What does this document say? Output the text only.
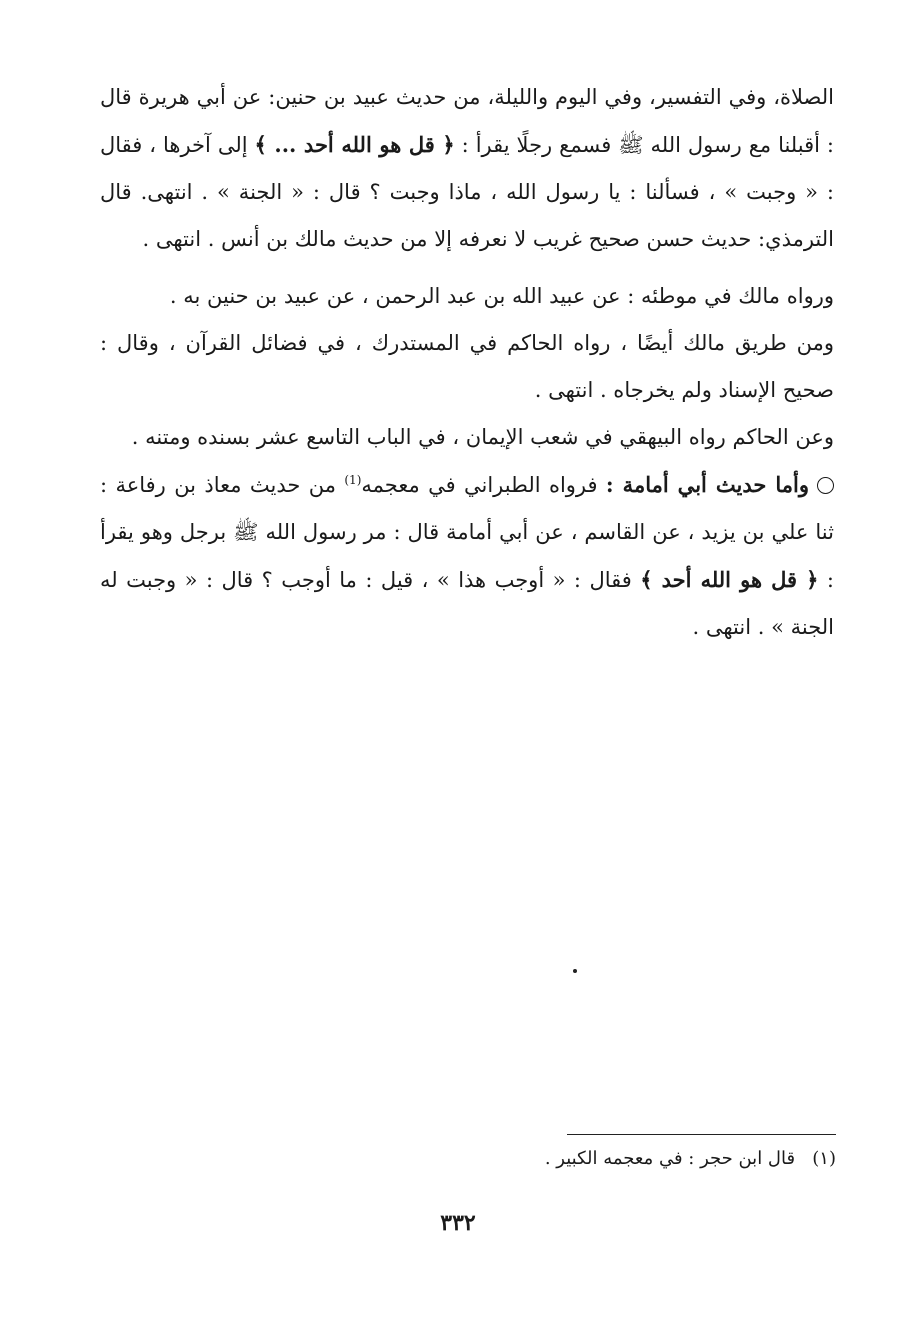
الصلاة، وفي التفسير، وفي اليوم والليلة، من حديث عبيد بن حنين: عن أبي هريرة قال : أقبلنا مع رسول الله ﷺ فسمع رجلًا يقرأ : ﴿ قل هو الله أحد ... ﴾ إلى آخرها ، فقال : « وجبت » ، فسألنا : يا رسول الله ، ماذا وجبت ؟ قال : « الجنة » . انتهى. قال الترمذي: حديث حسن صحيح غريب لا نعرفه إلا من حديث مالك بن أنس . انتهى .

ورواه مالك في موطئه : عن عبيد الله بن عبد الرحمن ، عن عبيد بن حنين به .

ومن طريق مالك أيضًا ، رواه الحاكم في المستدرك ، في فضائل القرآن ، وقال : صحيح الإسناد ولم يخرجاه . انتهى .

وعن الحاكم رواه البيهقي في شعب الإيمان ، في الباب التاسع عشر بسنده ومتنه .

وأما حديث أبي أمامة : فرواه الطبراني في معجمه$^{(1)}$ من حديث معاذ بن رفاعة : ثنا علي بن يزيد ، عن القاسم ، عن أبي أمامة قال : مر رسول الله ﷺ برجل وهو يقرأ : ﴿ قل هو الله أحد ﴾ فقال : « أوجب هذا » ، قيل : ما أوجب ؟ قال : « وجبت له الجنة » . انتهى .

(١)   قال ابن حجر : في معجمه الكبير .
٣٣٢
